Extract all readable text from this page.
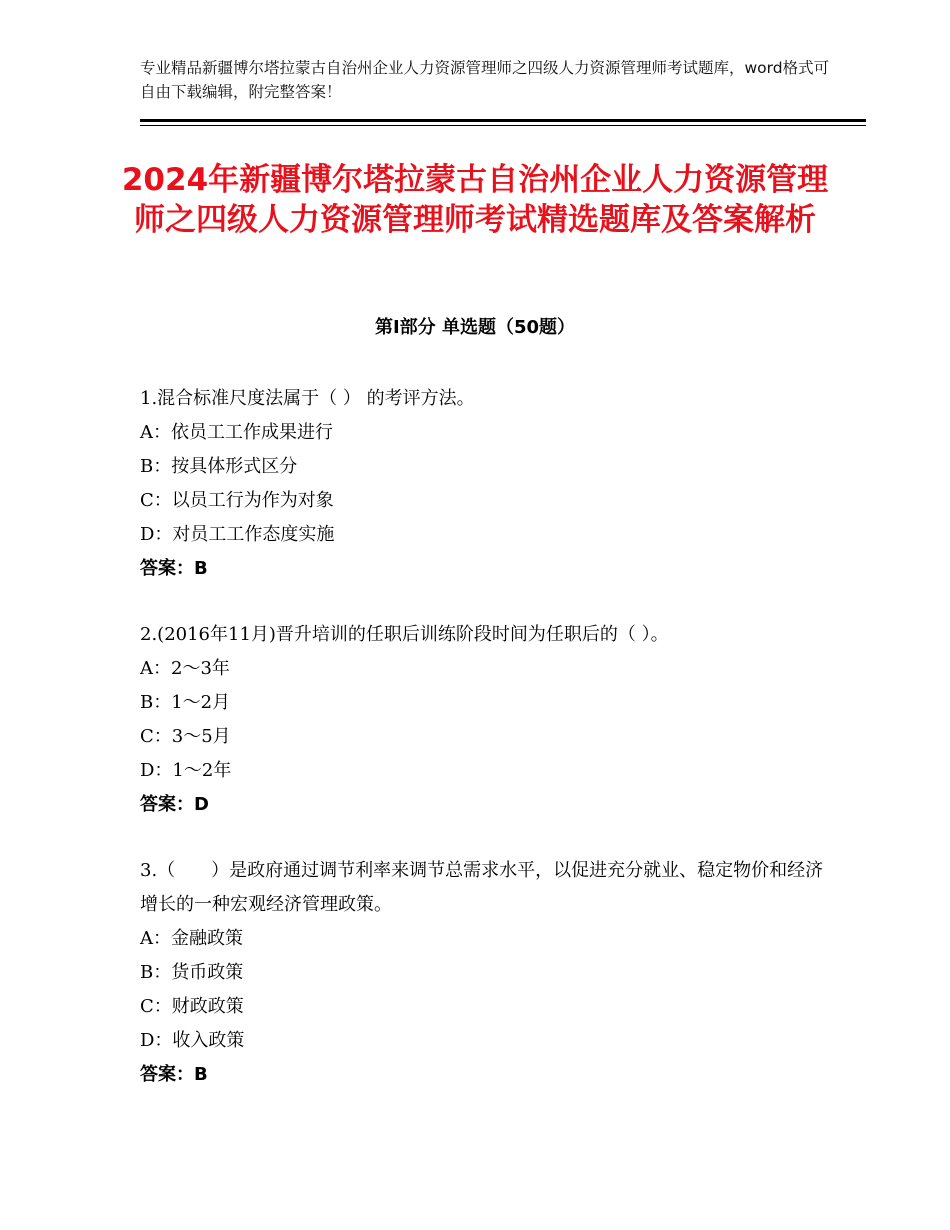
专业精品新疆博尔塔拉蒙古自治州企业人力资源管理师之四级人力资源管理师考试题库，word格式可自由下载编辑，附完整答案！
2024年新疆博尔塔拉蒙古自治州企业人力资源管理师之四级人力资源管理师考试精选题库及答案解析
第Ⅰ部分 单选题（50题）

1.混合标准尺度法属于（ ） 的考评方法。

A：依员工工作成果进行

B：按具体形式区分

C：以员工行为作为对象

D：对员工工作态度实施

答案：B

2.(2016年11月)晋升培训的任职后训练阶段时间为任职后的（ ）。

A：2～3年

B：1～2月

C：3～5月

D：1～2年

答案：D

3.（　　）是政府通过调节利率来调节总需求水平，以促进充分就业、稳定物价和经济增长的一种宏观经济管理政策。

A：金融政策

B：货币政策

C：财政政策

D：收入政策

答案：B
